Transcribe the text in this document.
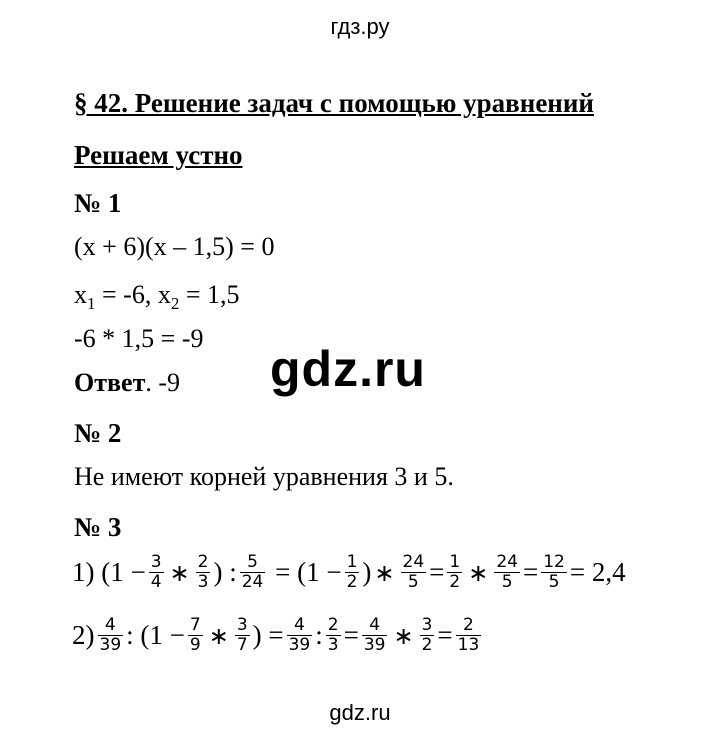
гдз.ру
§ 42. Решение задач с помощью уравнений
Решаем устно
№ 1
(x + 6)(x – 1,5) = 0
$x_1 = -6$, $x_2 = 1,5$
-6 * 1,5 = -9
Ответ. -9 gdz.ru
№ 2
Не имеют корней уравнения 3 и 5.
№ 3
1) ($1 - \frac{3}{4}$ ∗ $\frac{2}{3}$ ) : $\frac{5}{24} = (1 - \frac{1}{2}$ ) ∗ $\frac{24}{5} = \frac{1}{2}$ ∗ $\frac{24}{5} = \frac{12}{5} = 2,4$
$2) \frac{4}{39}$ : ($1 - \frac{7}{9}$ ∗ $\frac{3}{7}$ ) = $\frac{4}{39}$ : $\frac{2}{3} = \frac{4}{39}$ ∗ $\frac{3}{2} = \frac{2}{13}$
gdz.ru
